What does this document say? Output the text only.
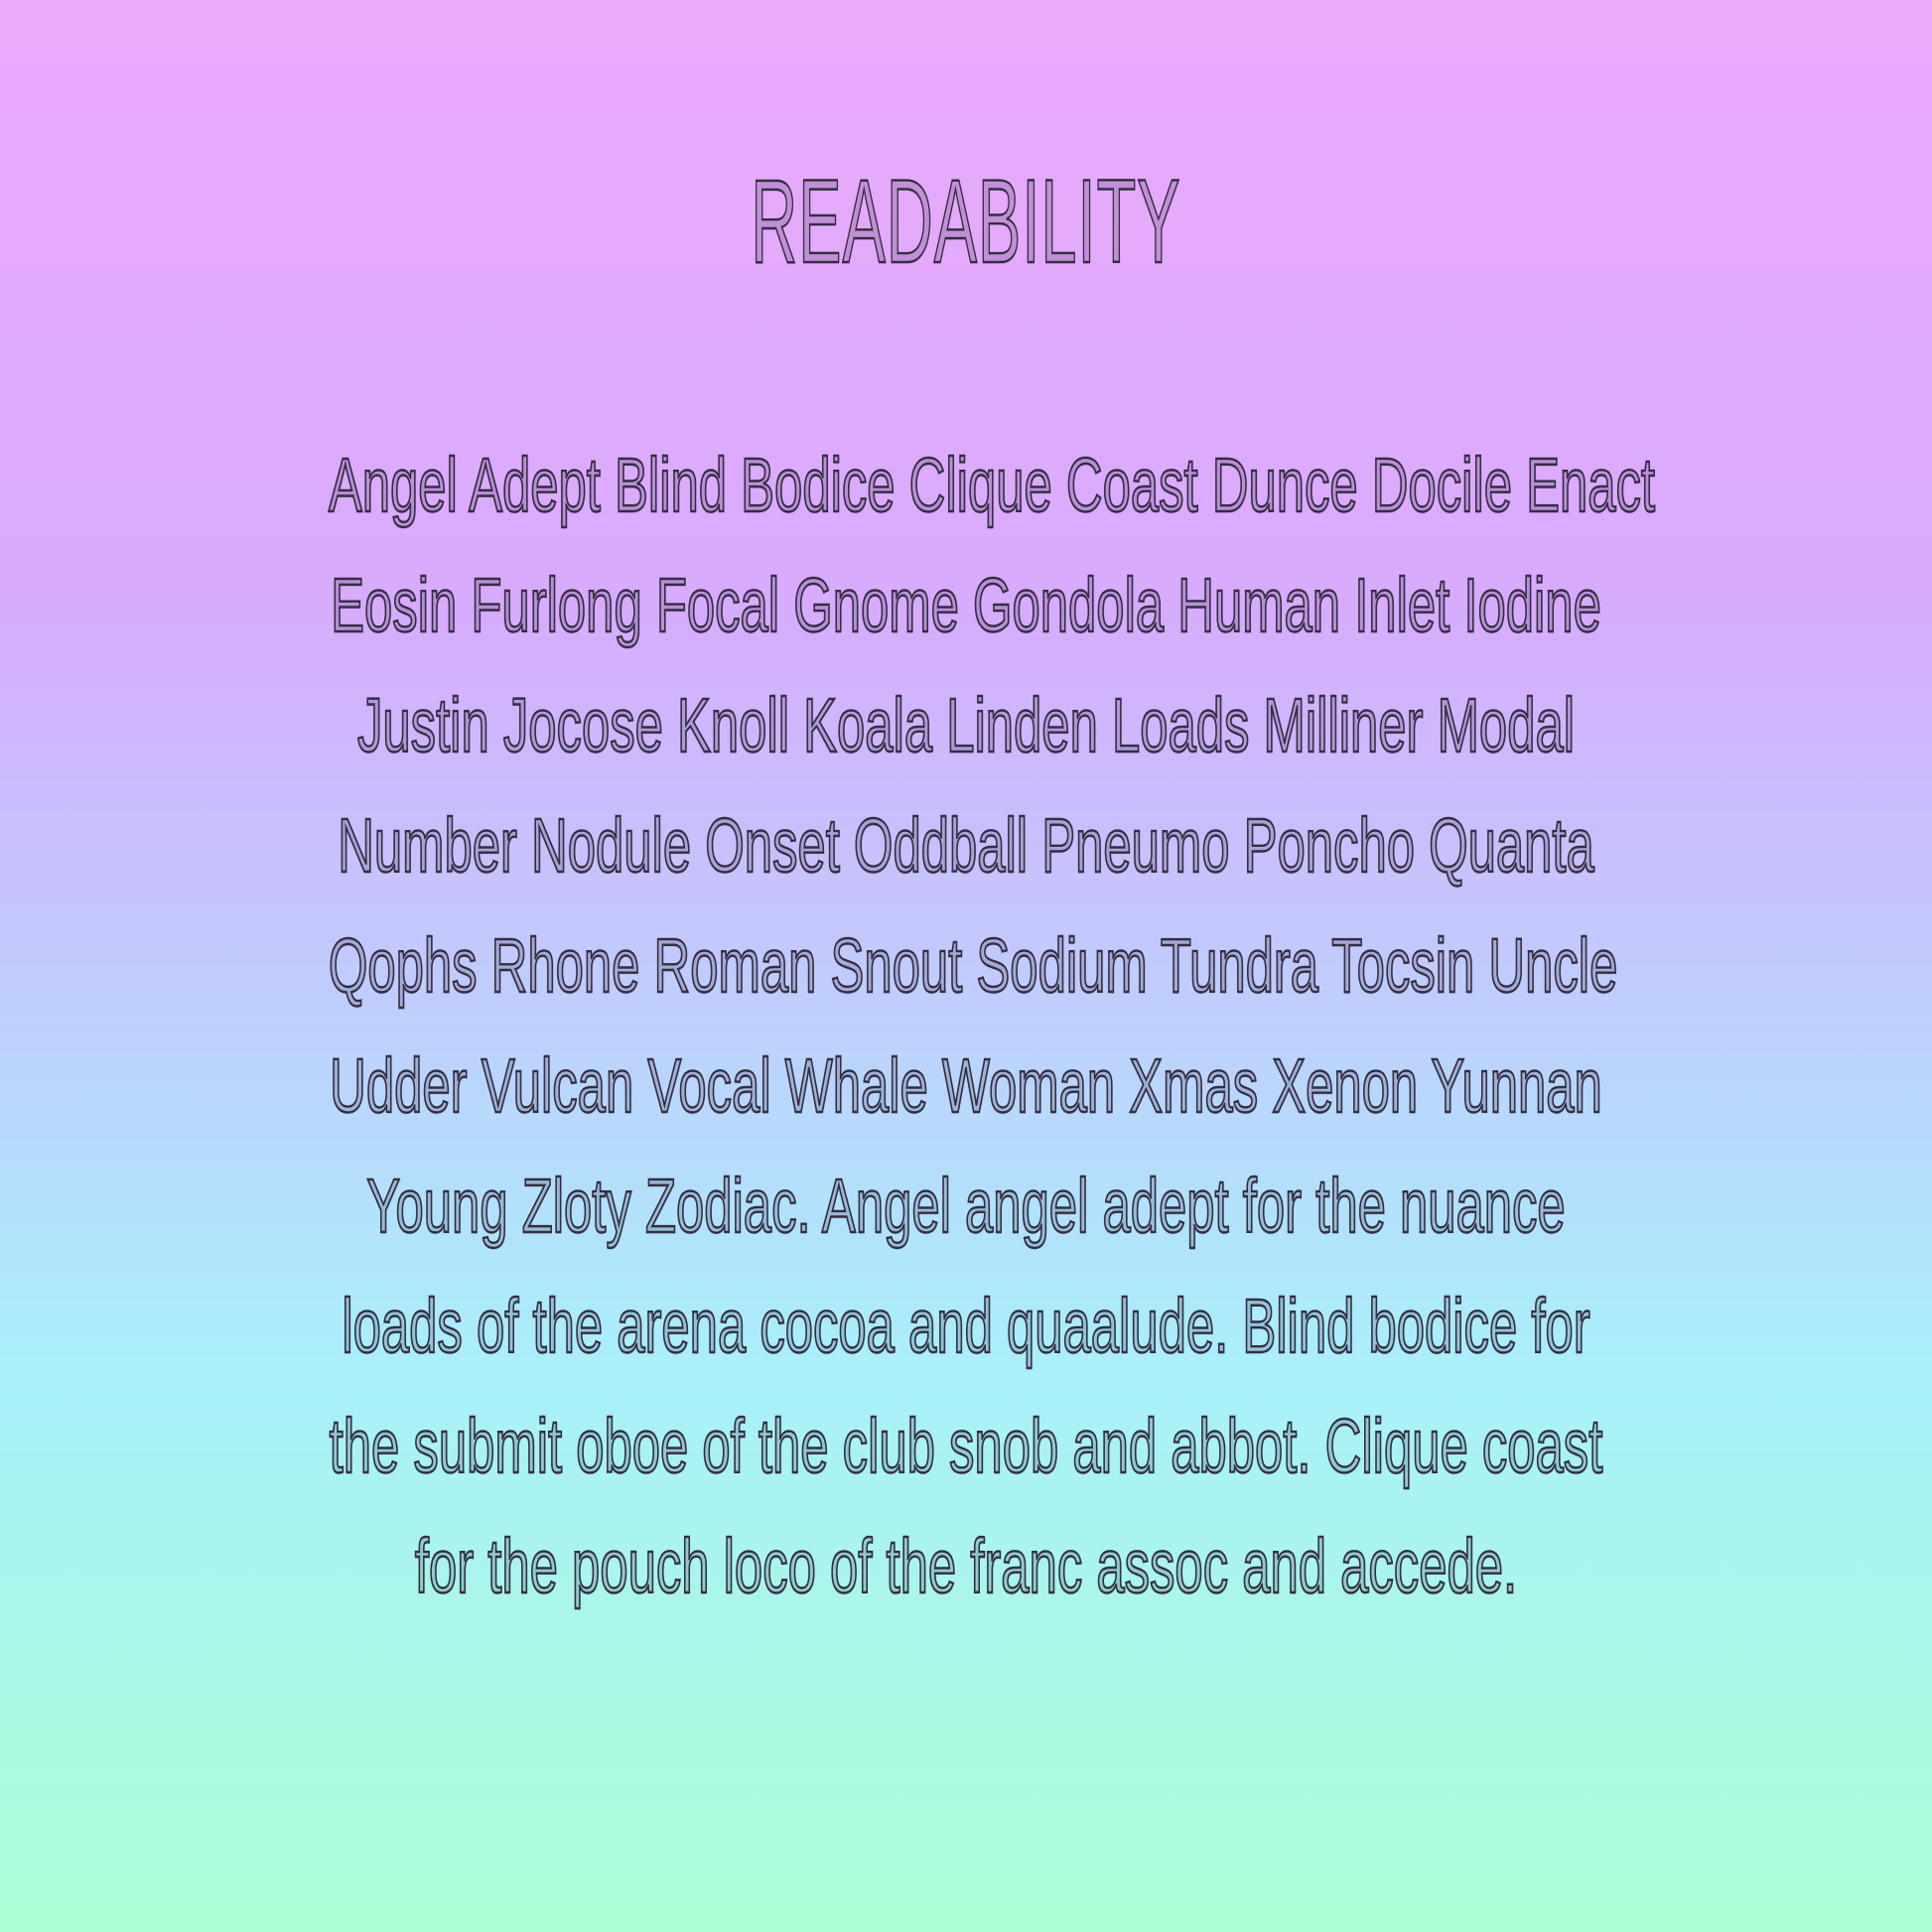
READABILITY
Angel Adept Blind Bodice Clique Coast Dunce Docile Enact
Eosin Furlong Focal Gnome Gondola Human Inlet Iodine
Justin Jocose Knoll Koala Linden Loads Milliner Modal
Number Nodule Onset Oddball Pneumo Poncho Quanta
Qophs Rhone Roman Snout Sodium Tundra Tocsin Uncle
Udder Vulcan Vocal Whale Woman Xmas Xenon Yunnan
Young Zloty Zodiac. Angel angel adept for the nuance
loads of the arena cocoa and quaalude. Blind bodice for
the submit oboe of the club snob and abbot. Clique coast
for the pouch loco of the franc assoc and accede.
